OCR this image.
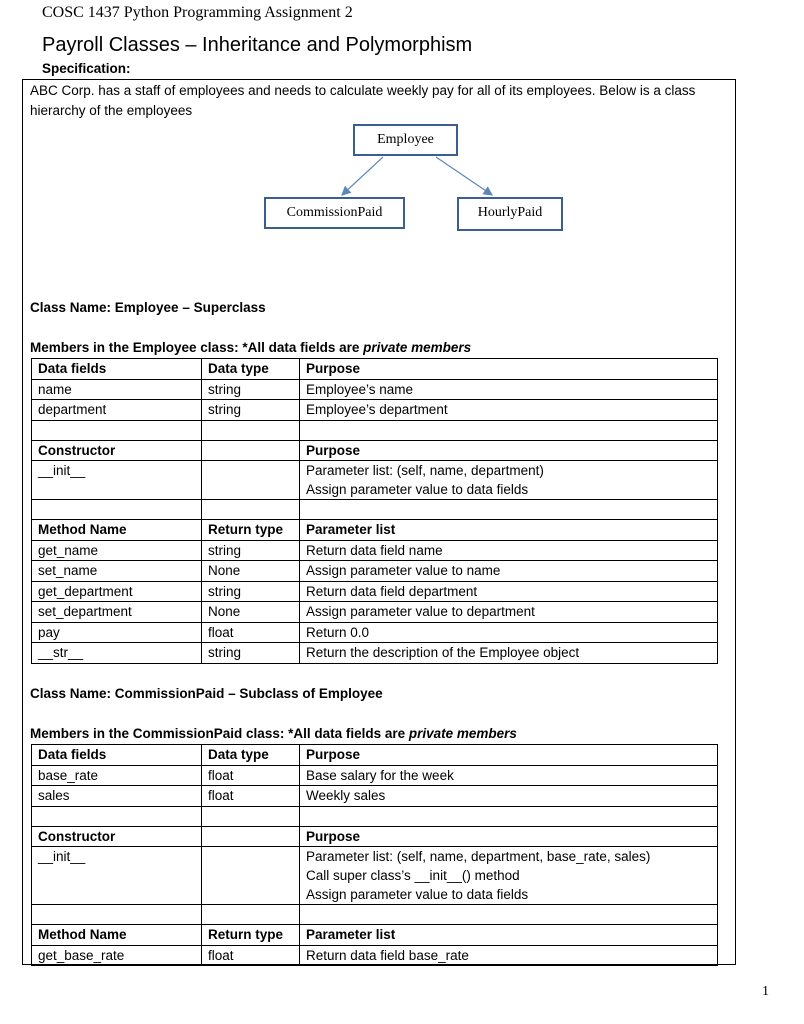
COSC 1437 Python Programming Assignment 2
Payroll Classes – Inheritance and Polymorphism
Specification:
ABC Corp. has a staff of employees and needs to calculate weekly pay for all of its employees. Below is a class hierarchy of the employees
Employee
CommissionPaid	HourlyPaid
Class Name: Employee – Superclass
Members in the Employee class: *All data fields are private members
Data fields	Data type	Purpose
name	string	Employee’s name
department	string	Employee’s department

Constructor		Purpose
__init__		Parameter list: (self, name, department)
Assign parameter value to data fields

Method Name	Return type	Parameter list
get_name	string	Return data field name
set_name	None	Assign parameter value to name
get_department	string	Return data field department
set_department	None	Assign parameter value to department
pay	float	Return 0.0
__str__	string	Return the description of the Employee object
Class Name: CommissionPaid – Subclass of Employee
Members in the CommissionPaid class: *All data fields are private members
Data fields	Data type	Purpose
base_rate	float	Base salary for the week
sales	float	Weekly sales

Constructor		Purpose
__init__		Parameter list: (self, name, department, base_rate, sales)
Call super class’s __init__() method
Assign parameter value to data fields

Method Name	Return type	Parameter list
get_base_rate	float	Return data field base_rate
1
